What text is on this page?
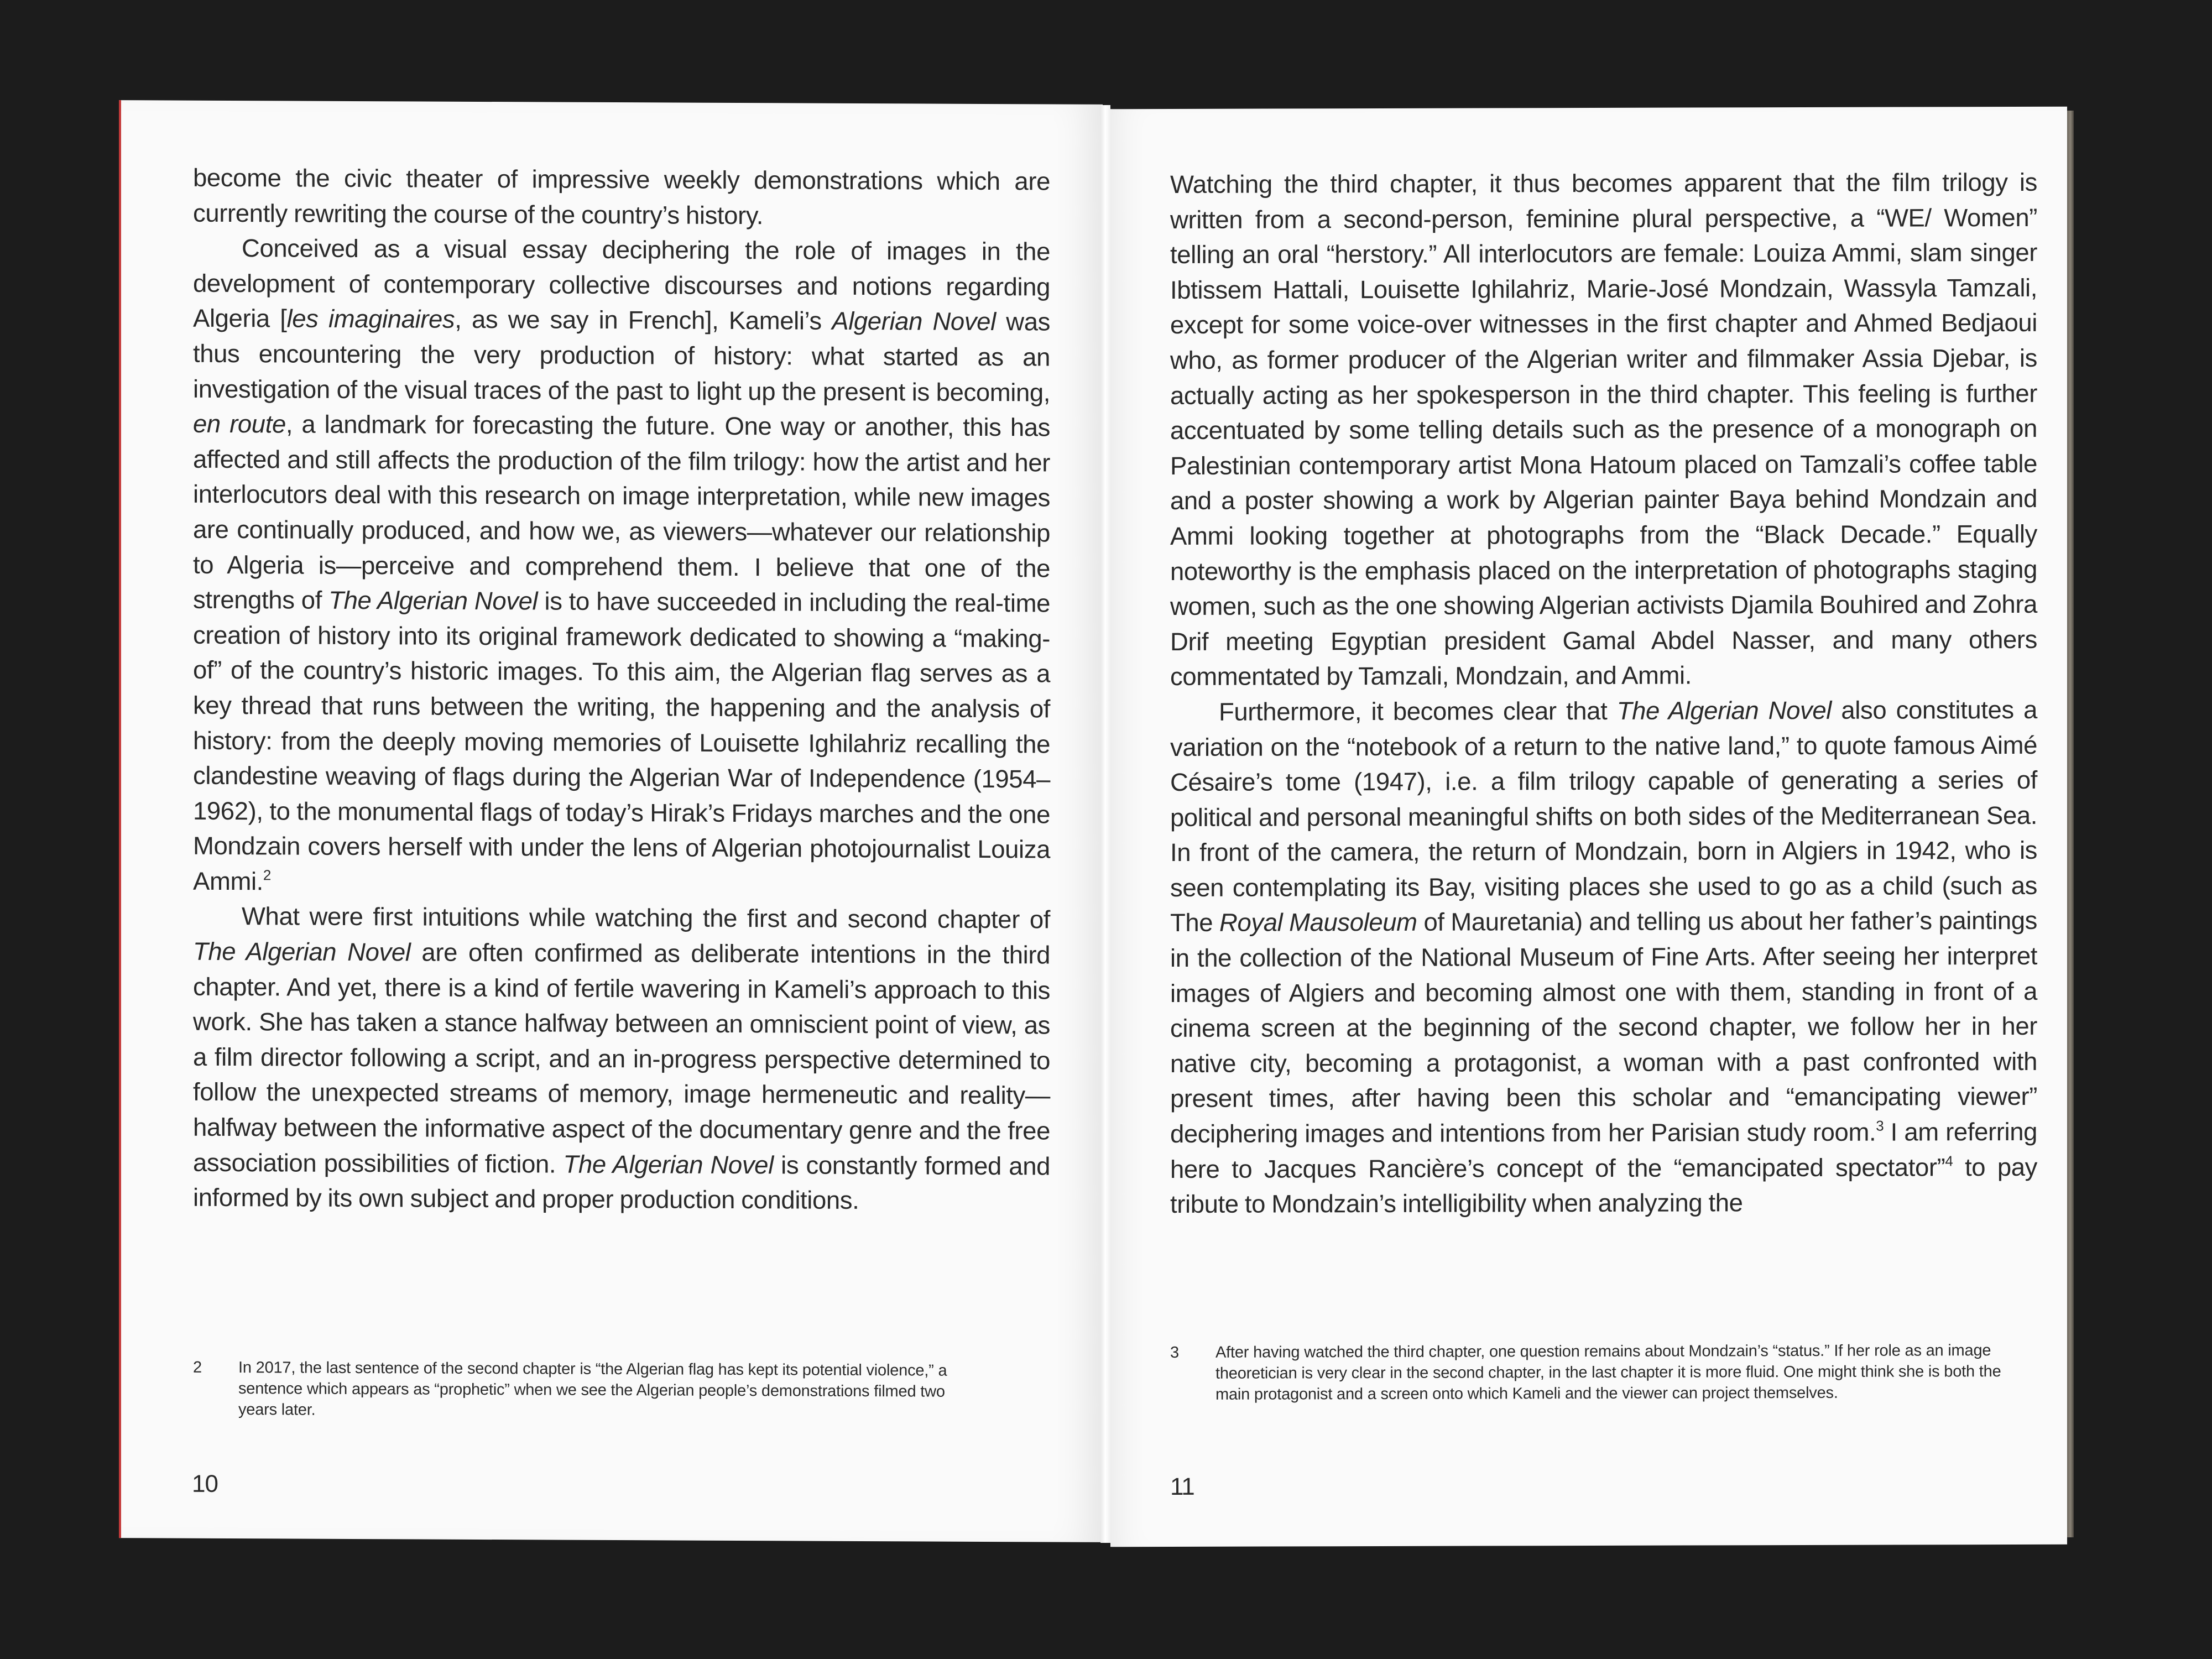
become the civic theater of impressive weekly demonstrations which are currently rewriting the course of the country’s history.

Conceived as a visual essay deciphering the role of images in the development of contemporary collective discourses and notions regarding Algeria [les imaginaires, as we say in French], Kameli’s Algerian Novel was thus encountering the very production of history: what started as an investigation of the visual traces of the past to light up the present is becoming, en route, a landmark for forecasting the future. One way or another, this has affected and still affects the production of the film trilogy: how the artist and her interlocutors deal with this research on image interpretation, while new images are continually produced, and how we, as viewers—whatever our relationship to Algeria is—perceive and comprehend them. I believe that one of the strengths of The Algerian Novel is to have succeeded in including the real-time creation of history into its original framework dedicated to showing a “making-of” of the country’s historic images. To this aim, the Algerian flag serves as a key thread that runs between the writing, the happening and the analysis of history: from the deeply moving memories of Louisette Ighilahriz recalling the clandestine weaving of flags during the Algerian War of Independence (1954–1962), to the monumental flags of today’s Hirak’s Fridays marches and the one Mondzain covers herself with under the lens of Algerian photojournalist Louiza Ammi.$^2$

What were first intuitions while watching the first and second chapter of The Algerian Novel are often confirmed as deliberate intentions in the third chapter. And yet, there is a kind of fertile wavering in Kameli’s approach to this work. She has taken a stance halfway between an omniscient point of view, as a film director following a script, and an in-progress perspective determined to follow the unexpected streams of memory, image hermeneutic and reality—halfway between the informative aspect of the documentary genre and the free association possibilities of fiction. The Algerian Novel is constantly formed and informed by its own subject and proper production conditions.

2	In 2017, the last sentence of the second chapter is “the Algerian flag has kept its potential violence,” a sentence which appears as “prophetic” when we see the Algerian people’s demonstrations filmed two years later.
10

Watching the third chapter, it thus becomes apparent that the film trilogy is written from a second-person, feminine plural perspective, a “WE/ Women” telling an oral “herstory.” All interlocutors are female: Louiza Ammi, slam singer Ibtissem Hattali, Louisette Ighilahriz, Marie-José Mondzain, Wassyla Tamzali, except for some voice-over witnesses in the first chapter and Ahmed Bedjaoui who, as former producer of the Algerian writer and filmmaker Assia Djebar, is actually acting as her spokesperson in the third chapter. This feeling is further accentuated by some telling details such as the presence of a monograph on Palestinian contemporary artist Mona Hatoum placed on Tamzali’s coffee table and a poster showing a work by Algerian painter Baya behind Mondzain and Ammi looking together at photographs from the “Black Decade.” Equally noteworthy is the emphasis placed on the interpretation of photographs staging women, such as the one showing Algerian activists Djamila Bouhired and Zohra Drif meeting Egyptian president Gamal Abdel Nasser, and many others commentated by Tamzali, Mondzain, and Ammi.

Furthermore, it becomes clear that The Algerian Novel also constitutes a variation on the “notebook of a return to the native land,” to quote famous Aimé Césaire’s tome (1947), i.e. a film trilogy capable of generating a series of political and personal meaningful shifts on both sides of the Mediterranean Sea. In front of the camera, the return of Mondzain, born in Algiers in 1942, who is seen contemplating its Bay, visiting places she used to go as a child (such as The Royal Mausoleum of Mauretania) and telling us about her father’s paintings in the collection of the National Museum of Fine Arts. After seeing her interpret images of Algiers and becoming almost one with them, standing in front of a cinema screen at the beginning of the second chapter, we follow her in her native city, becoming a protagonist, a woman with a past confronted with present times, after having been this scholar and “emancipating viewer” deciphering images and intentions from her Parisian study room.$^3$ I am referring here to Jacques Rancière’s concept of the “emancipated spectator”$^4$ to pay tribute to Mondzain’s intelligibility when analyzing the

3	After having watched the third chapter, one question remains about Mondzain’s “status.” If her role as an image theoretician is very clear in the second chapter, in the last chapter it is more fluid. One might think she is both the main protagonist and a screen onto which Kameli and the viewer can project themselves.
11
